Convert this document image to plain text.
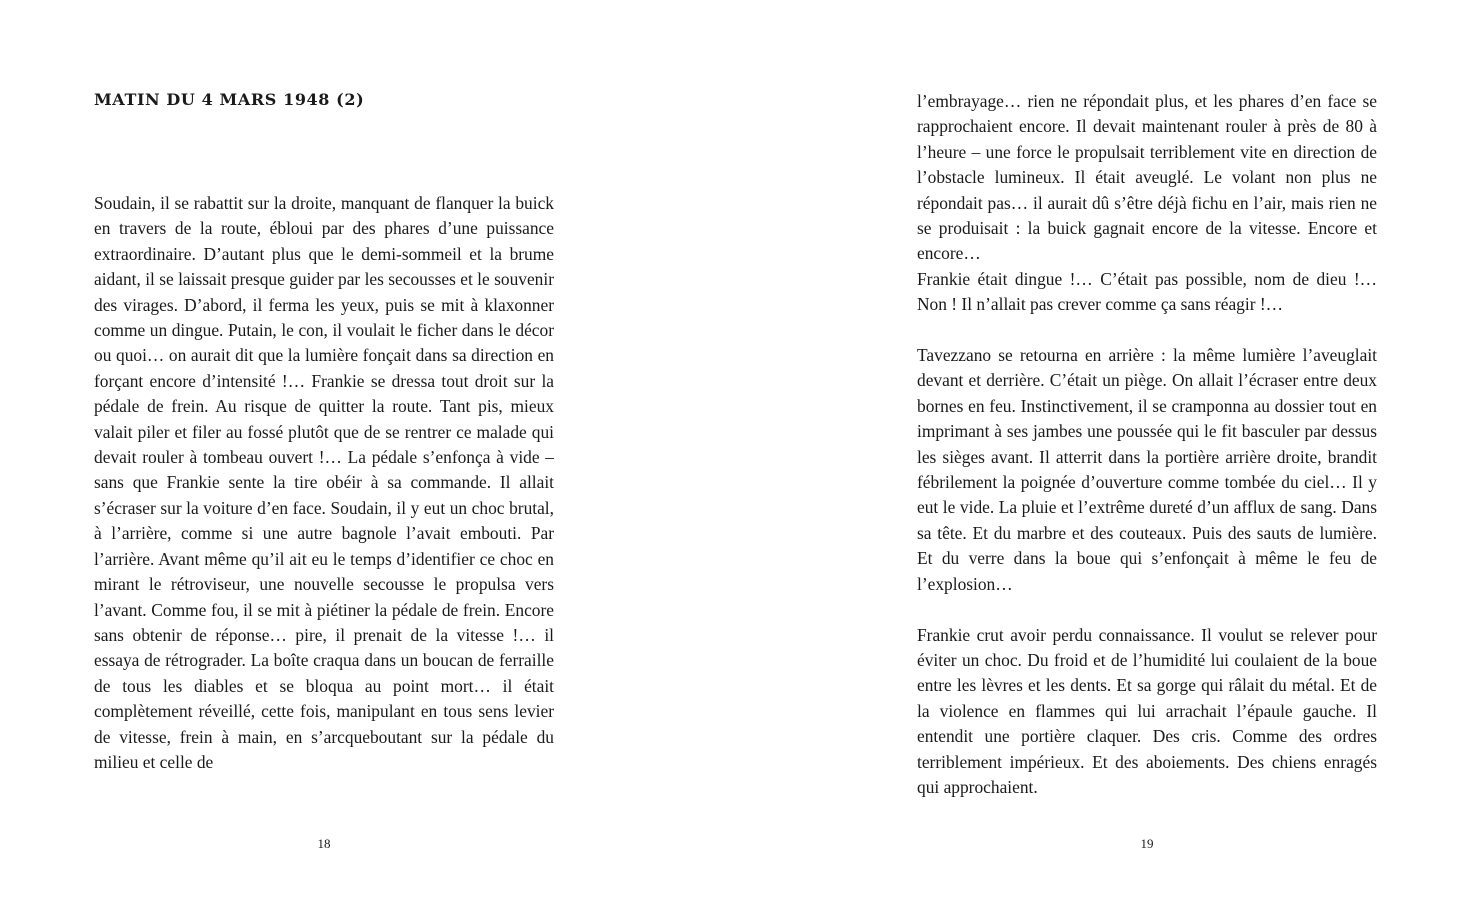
MATIN DU 4 MARS 1948 (2)

Soudain, il se rabattit sur la droite, manquant de flanquer la buick en travers de la route, ébloui par des phares d’une puissance extraordinaire. D’autant plus que le demi-sommeil et la brume aidant, il se laissait presque guider par les secousses et le souvenir des virages. D’abord, il ferma les yeux, puis se mit à klaxonner comme un dingue. Putain, le con, il voulait le ficher dans le décor ou quoi… on aurait dit que la lumière fonçait dans sa direction en forçant encore d’intensité !… Frankie se dressa tout droit sur la pédale de frein. Au risque de quitter la route. Tant pis, mieux valait piler et filer au fossé plutôt que de se rentrer ce malade qui devait rouler à tombeau ouvert !… La pédale s’enfonça à vide – sans que Frankie sente la tire obéir à sa commande. Il allait s’écraser sur la voiture d’en face. Soudain, il y eut un choc brutal, à l’arrière, comme si une autre bagnole l’avait embouti. Par l’arrière. Avant même qu’il ait eu le temps d’identifier ce choc en mirant le rétroviseur, une nouvelle secousse le propulsa vers l’avant. Comme fou, il se mit à piétiner la pédale de frein. Encore sans obtenir de réponse… pire, il prenait de la vitesse !… il essaya de rétrograder. La boîte craqua dans un boucan de ferraille de tous les diables et se bloqua au point mort… il était complètement réveillé, cette fois, manipulant en tous sens levier de vitesse, frein à main, en s’arcqueboutant sur la pédale du milieu et celle de

18

l’embrayage… rien ne répondait plus, et les phares d’en face se rapprochaient encore. Il devait maintenant rouler à près de 80 à l’heure – une force le propulsait terriblement vite en direction de l’obstacle lumineux. Il était aveuglé. Le volant non plus ne répondait pas… il aurait dû s’être déjà fichu en l’air, mais rien ne se produisait : la buick gagnait encore de la vitesse. Encore et encore…

Frankie était dingue !… C’était pas possible, nom de dieu !… Non ! Il n’allait pas crever comme ça sans réagir !…

Tavezzano se retourna en arrière : la même lumière l’aveuglait devant et derrière. C’était un piège. On allait l’écraser entre deux bornes en feu. Instinctivement, il se cramponna au dossier tout en imprimant à ses jambes une poussée qui le fit basculer par dessus les sièges avant. Il atterrit dans la portière arrière droite, brandit fébrilement la poignée d’ouverture comme tombée du ciel… Il y eut le vide. La pluie et l’extrême dureté d’un afflux de sang. Dans sa tête. Et du marbre et des couteaux. Puis des sauts de lumière. Et du verre dans la boue qui s’enfonçait à même le feu de l’explosion…

Frankie crut avoir perdu connaissance. Il voulut se relever pour éviter un choc. Du froid et de l’humidité lui coulaient de la boue entre les lèvres et les dents. Et sa gorge qui râlait du métal. Et de la violence en flammes qui lui arrachait l’épaule gauche. Il entendit une portière claquer. Des cris. Comme des ordres terriblement impérieux. Et des aboiements. Des chiens enragés qui approchaient.

19
